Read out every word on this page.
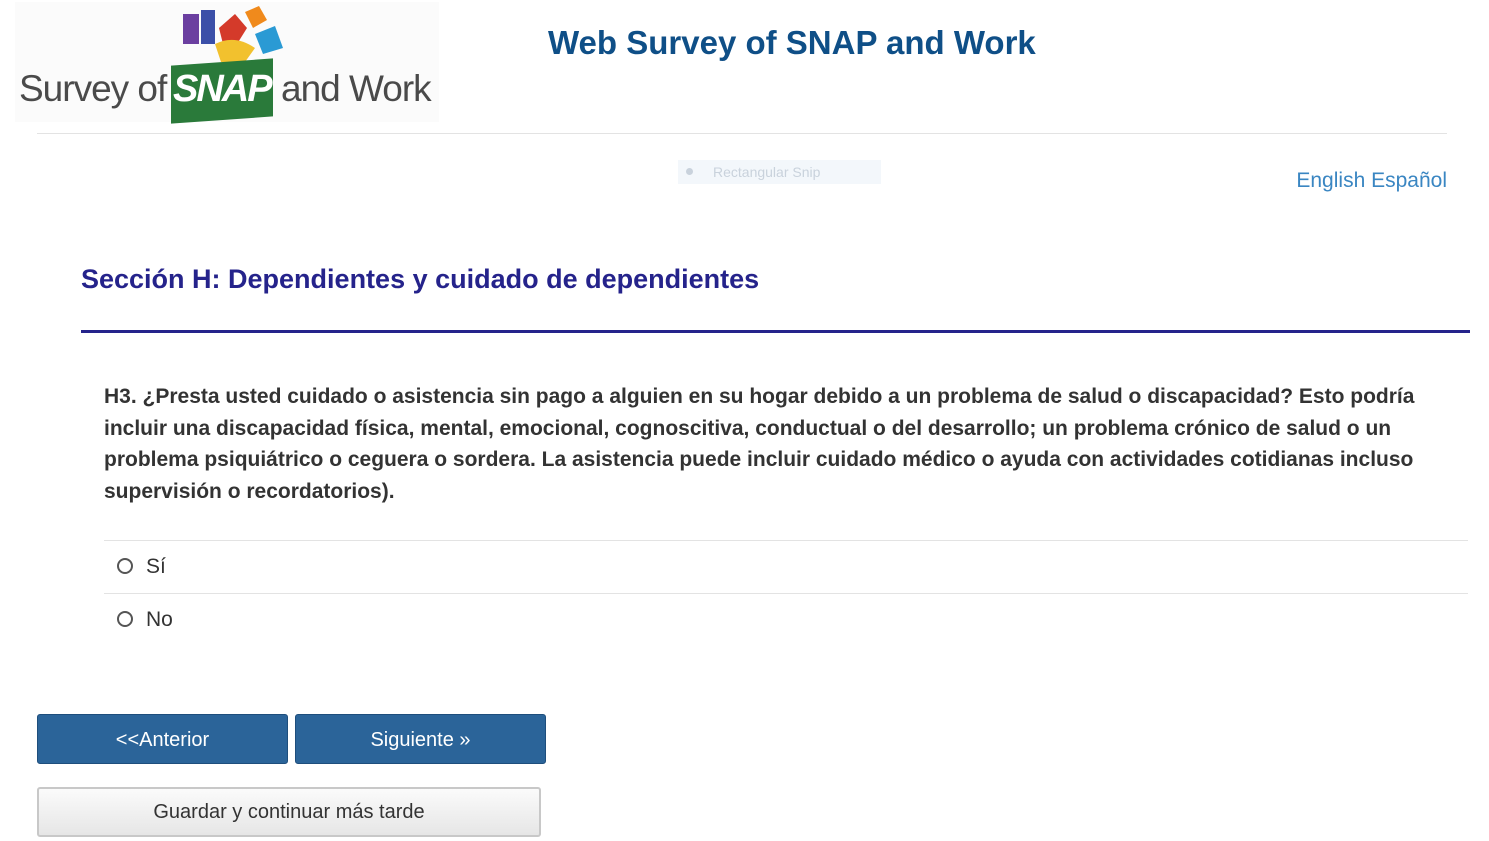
Survey of SNAP and Work
Web Survey of SNAP and Work
Rectangular Snip	English Español
Sección H: Dependientes y cuidado de dependientes
H3. ¿Presta usted cuidado o asistencia sin pago a alguien en su hogar debido a un problema de salud o discapacidad? Esto podría incluir una discapacidad física, mental, emocional, cognoscitiva, conductual o del desarrollo; un problema crónico de salud o un problema psiquiátrico o ceguera o sordera. La asistencia puede incluir cuidado médico o ayuda con actividades cotidianas incluso supervisión o recordatorios).
Sí
No
<<Anterior	Siguiente »
Guardar y continuar más tarde
